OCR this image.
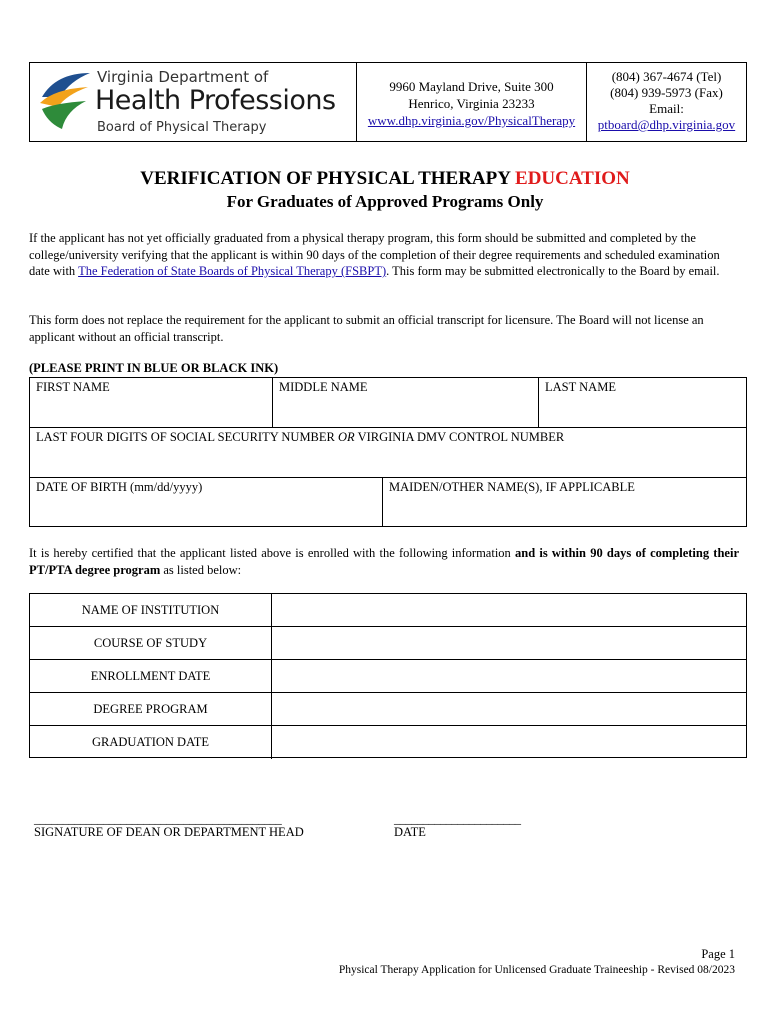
Virginia Department of
Health Professions
Board of Physical Therapy
9960 Mayland Drive, Suite 300
Henrico, Virginia 23233
www.dhp.virginia.gov/PhysicalTherapy
(804) 367-4674 (Tel)
(804) 939-5973 (Fax)
Email:
ptboard@dhp.virginia.gov
VERIFICATION OF PHYSICAL THERAPY EDUCATION
For Graduates of Approved Programs Only
If the applicant has not yet officially graduated from a physical therapy program, this form should be submitted and completed by the college/university verifying that the applicant is within 90 days of the completion of their degree requirements and scheduled examination date with The Federation of State Boards of Physical Therapy (FSBPT). This form may be submitted electronically to the Board by email.
This form does not replace the requirement for the applicant to submit an official transcript for licensure. The Board will not license an applicant without an official transcript.
(PLEASE PRINT IN BLUE OR BLACK INK)
FIRST NAME	MIDDLE NAME	LAST NAME
LAST FOUR DIGITS OF SOCIAL SECURITY NUMBER OR VIRGINIA DMV CONTROL NUMBER
DATE OF BIRTH (mm/dd/yyyy)	MAIDEN/OTHER NAME(S), IF APPLICABLE
It is hereby certified that the applicant listed above is enrolled with the following information and is within 90 days of completing their PT/PTA degree program as listed below:
NAME OF INSTITUTION
COURSE OF STUDY
ENROLLMENT DATE
DEGREE PROGRAM
GRADUATION DATE
___________________________________________
SIGNATURE OF DEAN OR DEPARTMENT HEAD
______________________
DATE
Page 1
Physical Therapy Application for Unlicensed Graduate Traineeship - Revised 08/2023
